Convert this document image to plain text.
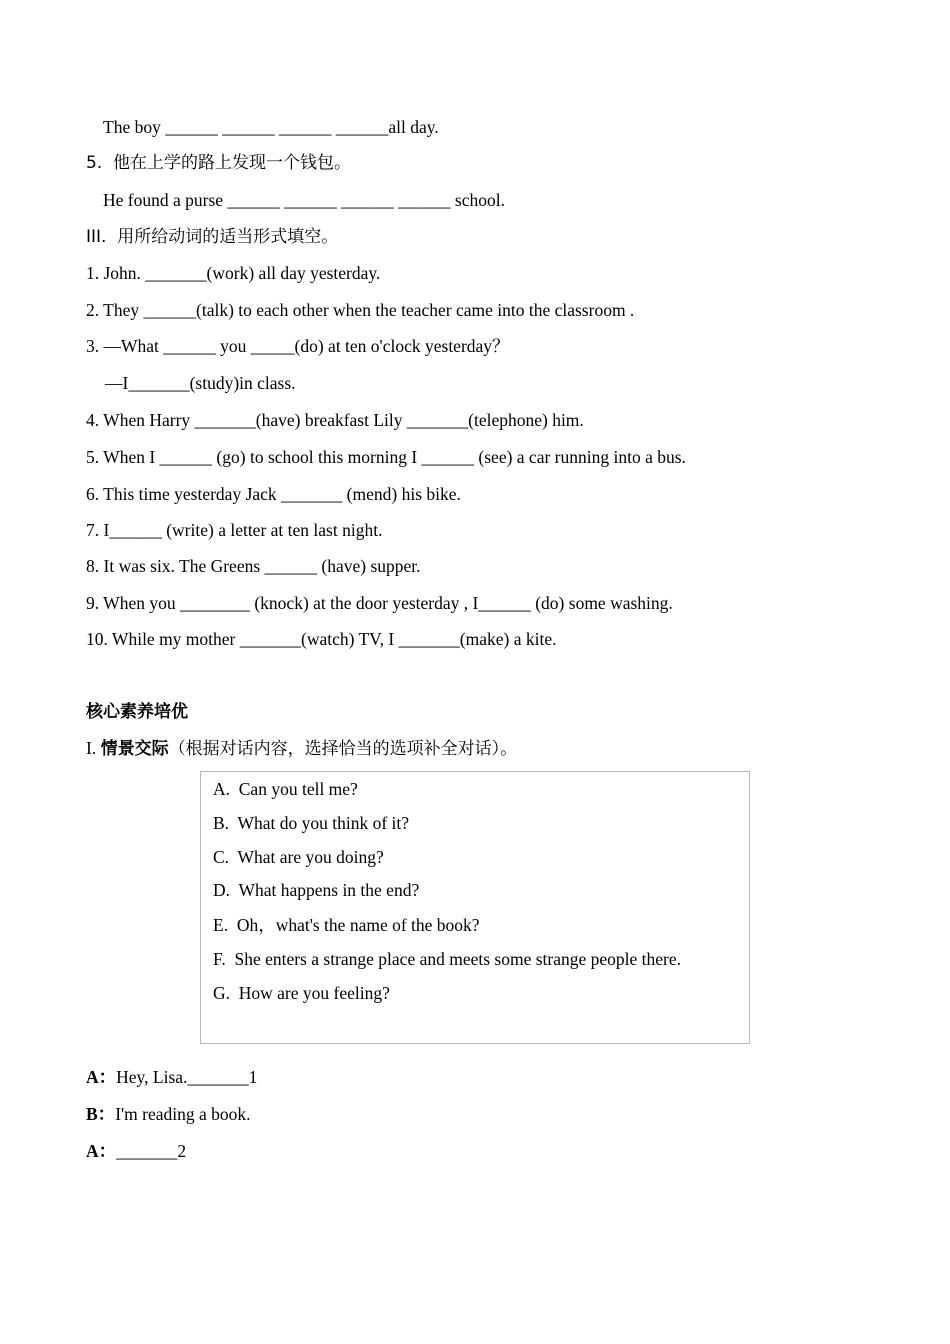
The boy ______ ______ ______ ______all day.
5.  他在上学的路上发现一个钱包。
He found a purse ______ ______ ______ ______ school.
III.  用所给动词的适当形式填空。
1. John. _______(work) all day yesterday.
2. They ______(talk) to each other when the teacher came into the classroom .
3. —What ______ you _____(do) at ten o'clock yesterday？
—I_______(study)in class.
4. When Harry _______(have) breakfast Lily _______(telephone) him.
5. When I ______ (go) to school this morning I ______ (see) a car running into a bus.
6. This time yesterday Jack _______ (mend) his bike.
7. I______ (write) a letter at ten last night.
8. It was six. The Greens ______ (have) supper.
9. When you ________ (knock) at the door yesterday , I______ (do) some washing.
10. While my mother _______(watch) TV, I _______(make) a kite.
核心素养培优
I. 情景交际（根据对话内容，选择恰当的选项补全对话）。
A.  Can you tell me?
B.  What do you think of it?
C.  What are you doing?
D.  What happens in the end?
E.  Oh，what's the name of the book?
F.  She enters a strange place and meets some strange people there.
G.  How are you feeling?
A：Hey, Lisa._______1
B：I'm reading a book.
A：_______2
